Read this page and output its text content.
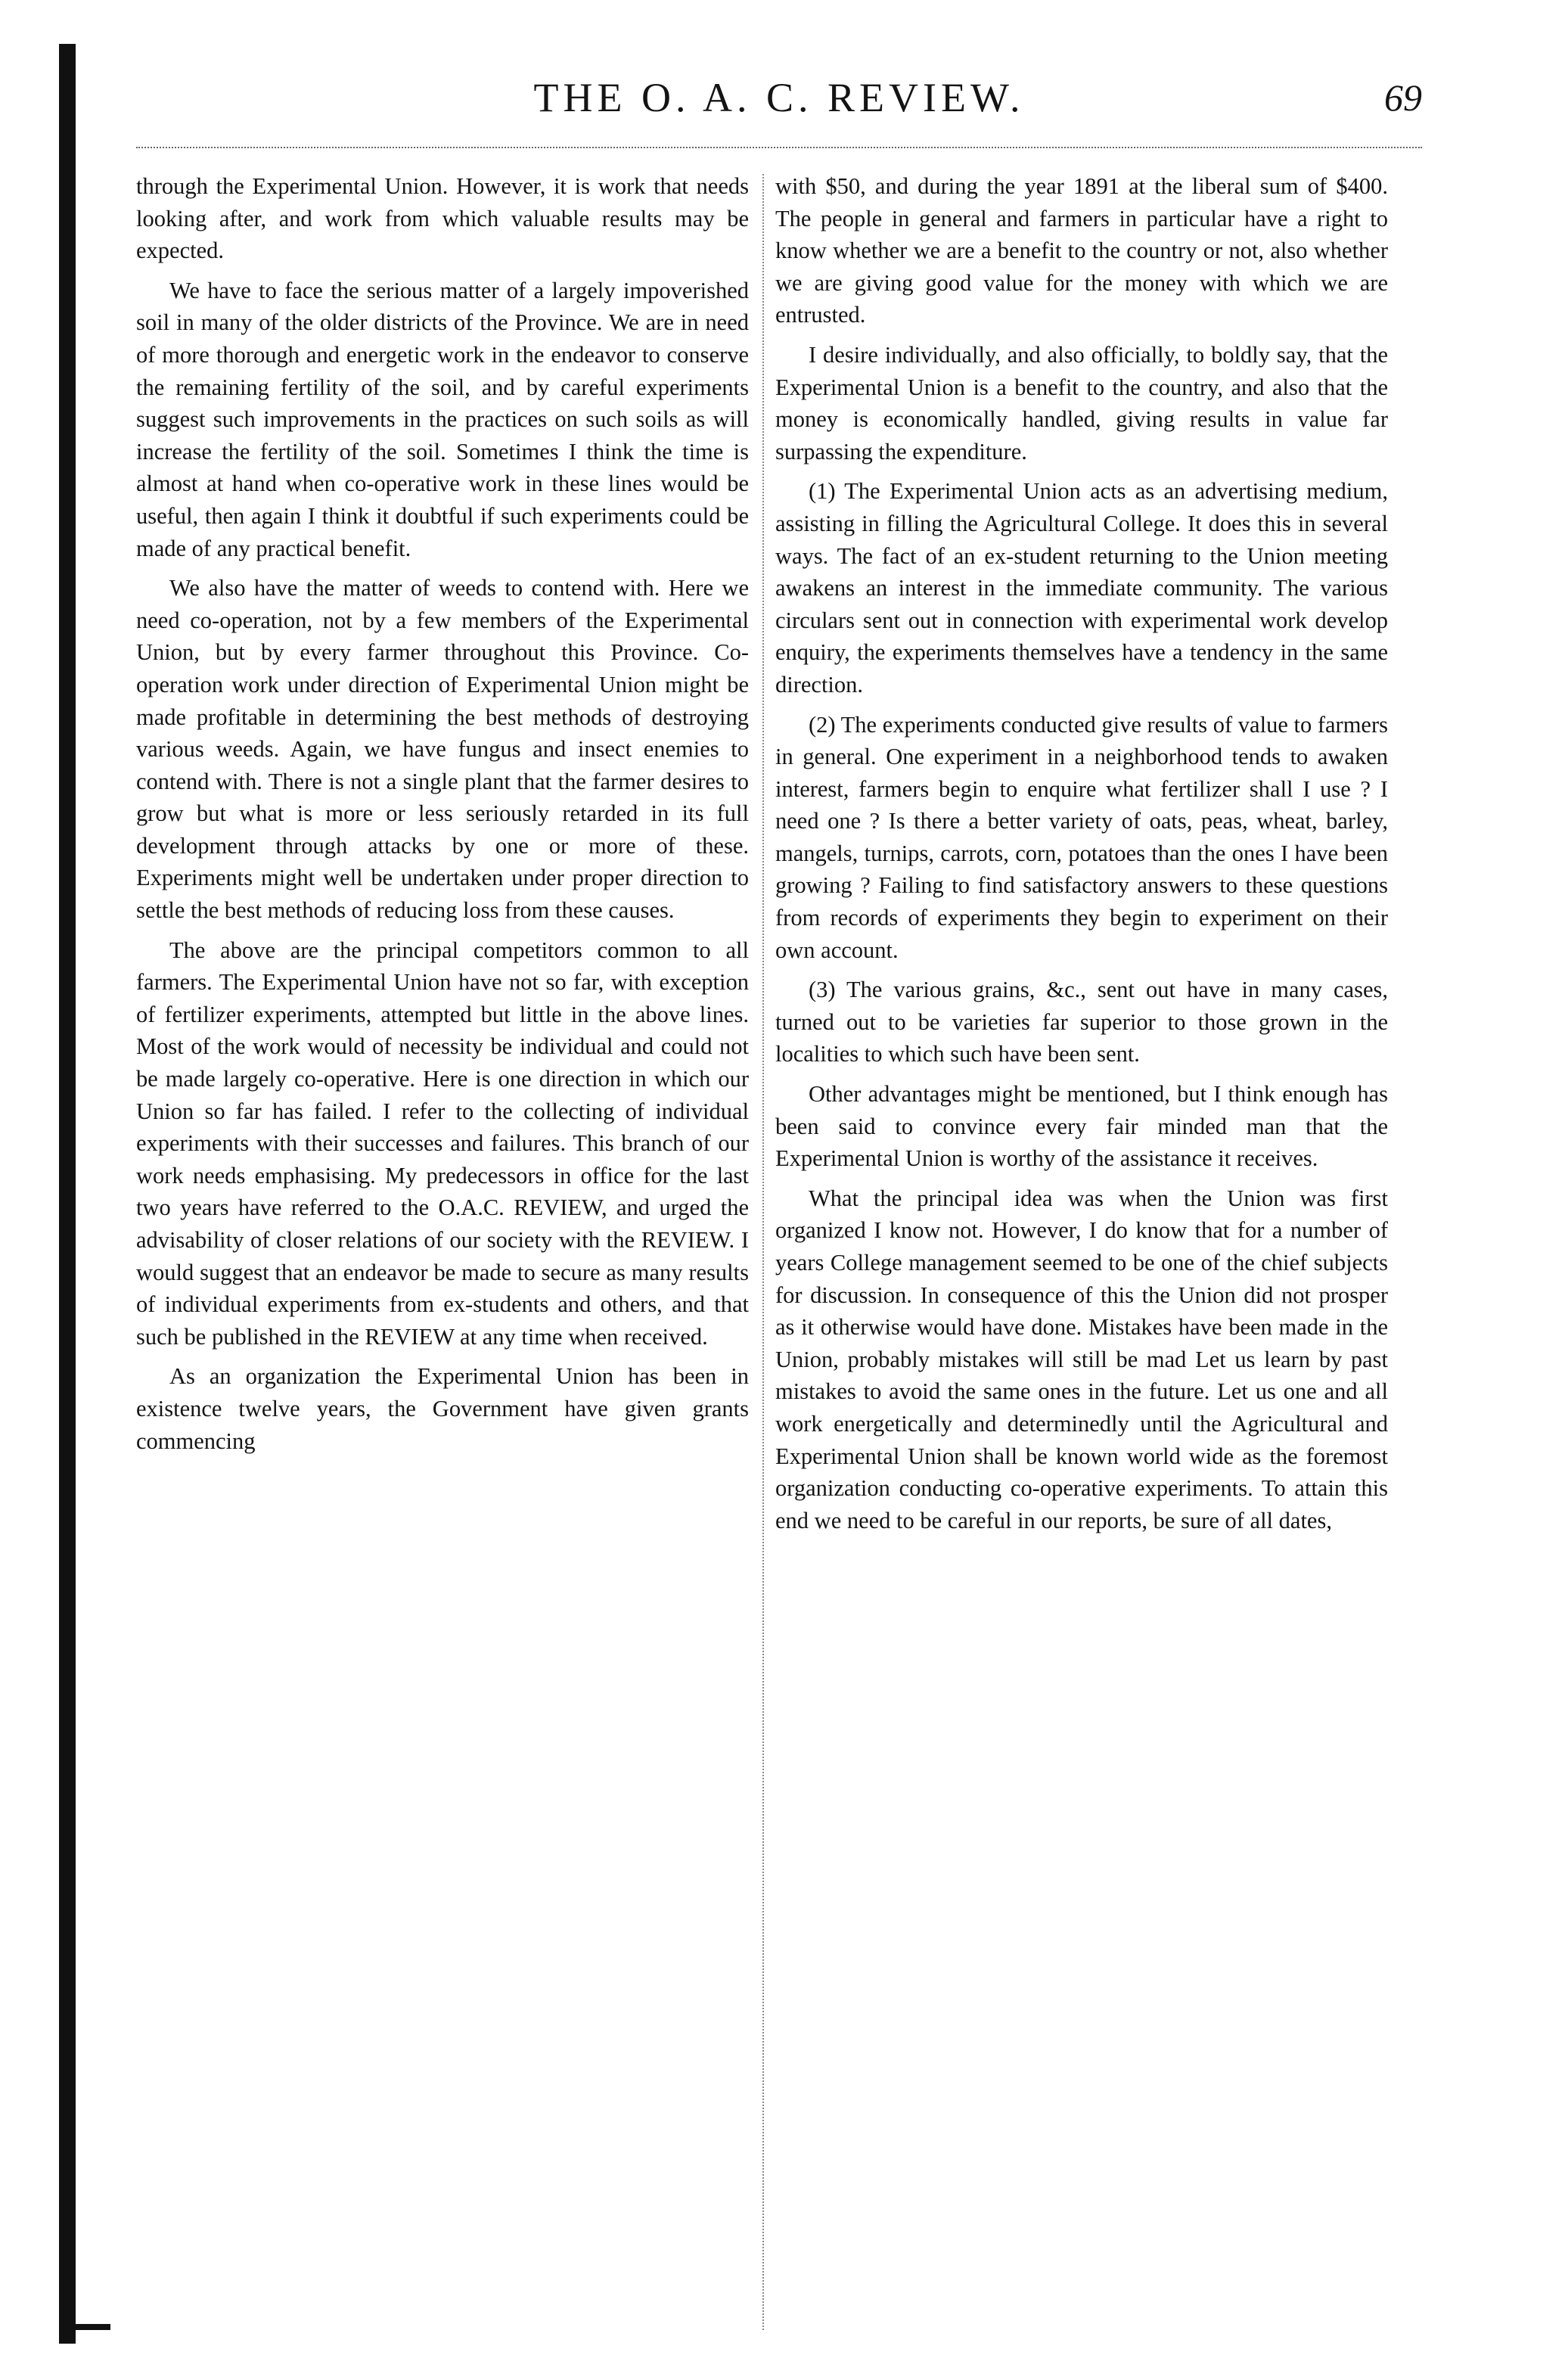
THE O. A. C. REVIEW.	69

through the Experimental Union. However, it is work that needs looking after, and work from which valuable results may be expected.

We have to face the serious matter of a largely impoverished soil in many of the older districts of the Province. We are in need of more thorough and energetic work in the endeavor to conserve the remaining fertility of the soil, and by careful experiments suggest such improvements in the practices on such soils as will increase the fertility of the soil. Sometimes I think the time is almost at hand when co-operative work in these lines would be useful, then again I think it doubtful if such experiments could be made of any practical benefit.

We also have the matter of weeds to contend with. Here we need co-operation, not by a few members of the Experimental Union, but by every farmer throughout this Province. Co-operation work under direction of Experimental Union might be made profitable in determining the best methods of destroying various weeds. Again, we have fungus and insect enemies to contend with. There is not a single plant that the farmer desires to grow but what is more or less seriously retarded in its full development through attacks by one or more of these. Experiments might well be undertaken under proper direction to settle the best methods of reducing loss from these causes.

The above are the principal competitors common to all farmers. The Experimental Union have not so far, with exception of fertilizer experiments, attempted but little in the above lines. Most of the work would of necessity be individual and could not be made largely co-operative. Here is one direction in which our Union so far has failed. I refer to the collecting of individual experiments with their successes and failures. This branch of our work needs emphasising. My predecessors in office for the last two years have referred to the O.A.C. REVIEW, and urged the advisability of closer relations of our society with the REVIEW. I would suggest that an endeavor be made to secure as many results of individual experiments from ex-students and others, and that such be published in the REVIEW at any time when received.

As an organization the Experimental Union has been in existence twelve years, the Government have given grants commencing

with $50, and during the year 1891 at the liberal sum of $400. The people in general and farmers in particular have a right to know whether we are a benefit to the country or not, also whether we are giving good value for the money with which we are entrusted.

I desire individually, and also officially, to boldly say, that the Experimental Union is a benefit to the country, and also that the money is economically handled, giving results in value far surpassing the expenditure.

(1) The Experimental Union acts as an advertising medium, assisting in filling the Agricultural College. It does this in several ways. The fact of an ex-student returning to the Union meeting awakens an interest in the immediate community. The various circulars sent out in connection with experimental work develop enquiry, the experiments themselves have a tendency in the same direction.

(2) The experiments conducted give results of value to farmers in general. One experiment in a neighborhood tends to awaken interest, farmers begin to enquire what fertilizer shall I use ? I need one ? Is there a better variety of oats, peas, wheat, barley, mangels, turnips, carrots, corn, potatoes than the ones I have been growing ? Failing to find satisfactory answers to these questions from records of experiments they begin to experiment on their own account.

(3) The various grains, &c., sent out have in many cases, turned out to be varieties far superior to those grown in the localities to which such have been sent.

Other advantages might be mentioned, but I think enough has been said to convince every fair minded man that the Experimental Union is worthy of the assistance it receives.

What the principal idea was when the Union was first organized I know not. However, I do know that for a number of years College management seemed to be one of the chief subjects for discussion. In consequence of this the Union did not prosper as it otherwise would have done. Mistakes have been made in the Union, probably mistakes will still be mad Let us learn by past mistakes to avoid the same ones in the future. Let us one and all work energetically and determinedly until the Agricultural and Experimental Union shall be known world wide as the foremost organization conducting co-operative experiments. To attain this end we need to be careful in our reports, be sure of all dates,
